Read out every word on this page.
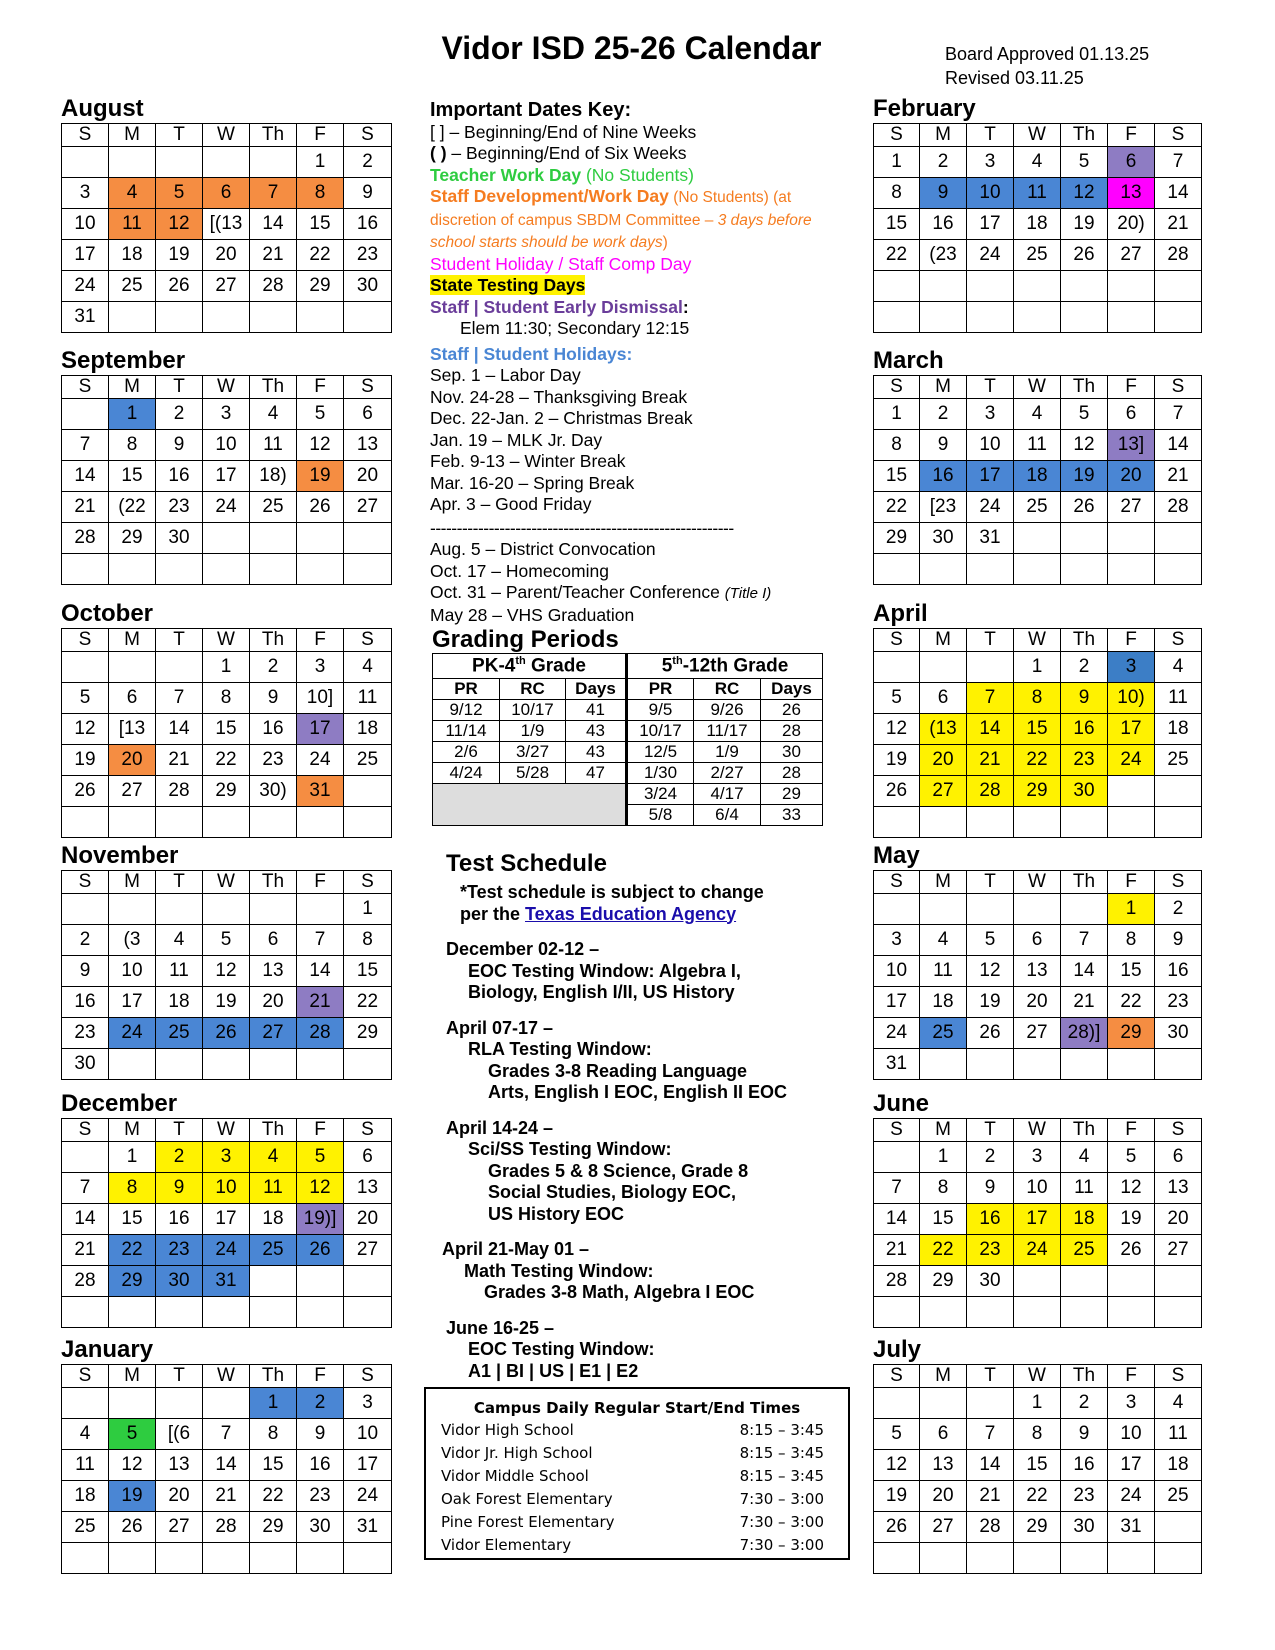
Vidor ISD 25-26 Calendar	Board Approved 01.13.25
Revised 03.11.25
August
S	M	T	W	Th	F	S
					1	2
3	4	5	6	7	8	9
10	11	12	[(13	14	15	16
17	18	19	20	21	22	23
24	25	26	27	28	29	30
31						
September
S	M	T	W	Th	F	S
	1	2	3	4	5	6
7	8	9	10	11	12	13
14	15	16	17	18)	19	20
21	(22	23	24	25	26	27
28	29	30				

October
S	M	T	W	Th	F	S
			1	2	3	4
5	6	7	8	9	10]	11
12	[13	14	15	16	17	18
19	20	21	22	23	24	25
26	27	28	29	30)	31	

November
S	M	T	W	Th	F	S
						1
2	(3	4	5	6	7	8
9	10	11	12	13	14	15
16	17	18	19	20	21	22
23	24	25	26	27	28	29
30						
December
S	M	T	W	Th	F	S
	1	2	3	4	5	6
7	8	9	10	11	12	13
14	15	16	17	18	19)]	20
21	22	23	24	25	26	27
28	29	30	31			

January
S	M	T	W	Th	F	S
				1	2	3
4	5	[(6	7	8	9	10
11	12	13	14	15	16	17
18	19	20	21	22	23	24
25	26	27	28	29	30	31

February
S	M	T	W	Th	F	S
1	2	3	4	5	6	7
8	9	10	11	12	13	14
15	16	17	18	19	20)	21
22	(23	24	25	26	27	28

March
S	M	T	W	Th	F	S
1	2	3	4	5	6	7
8	9	10	11	12	13]	14
15	16	17	18	19	20	21
22	[23	24	25	26	27	28
29	30	31				

April
S	M	T	W	Th	F	S
			1	2	3	4
5	6	7	8	9	10)	11
12	(13	14	15	16	17	18
19	20	21	22	23	24	25
26	27	28	29	30		

May
S	M	T	W	Th	F	S
					1	2
3	4	5	6	7	8	9
10	11	12	13	14	15	16
17	18	19	20	21	22	23
24	25	26	27	28)]	29	30
31						
June
S	M	T	W	Th	F	S
	1	2	3	4	5	6
7	8	9	10	11	12	13
14	15	16	17	18	19	20
21	22	23	24	25	26	27
28	29	30				

July
S	M	T	W	Th	F	S
			1	2	3	4
5	6	7	8	9	10	11
12	13	14	15	16	17	18
19	20	21	22	23	24	25
26	27	28	29	30	31	

Important Dates Key:
[ ] – Beginning/End of Nine Weeks
( ) – Beginning/End of Six Weeks
Teacher Work Day (No Students)
Staff Development/Work Day (No Students) (at discretion of campus SBDM Committee – 3 days before school starts should be work days)
Student Holiday / Staff Comp Day
State Testing Days
Staff | Student Early Dismissal:
Elem 11:30; Secondary 12:15
Staff | Student Holidays:
Sep. 1 – Labor Day
Nov. 24-28 – Thanksgiving Break
Dec. 22-Jan. 2 – Christmas Break
Jan. 19 – MLK Jr. Day
Feb. 9-13 – Winter Break
Mar. 16-20 – Spring Break
Apr. 3 – Good Friday
---------------------------------------------------------
Aug. 5 – District Convocation
Oct. 17 – Homecoming
Oct. 31 – Parent/Teacher Conference (Title I)
May 28 – VHS Graduation
Grading Periods
PK-4th Grade			5th-12th Grade		
PR	RC	Days	PR	RC	Days
9/12	10/17	41	9/5	9/26	26
11/14	1/9	43	10/17	11/17	28
2/6	3/27	43	12/5	1/9	30
4/24	5/28	47	1/30	2/27	28
			3/24	4/17	29
			5/8	6/4	33
Test Schedule
*Test schedule is subject to change
per the Texas Education Agency
December 02-12 –
EOC Testing Window: Algebra I,
Biology, English I/II, US History
April 07-17 –
RLA Testing Window:
Grades 3-8 Reading Language
Arts, English I EOC, English II EOC
April 14-24 –
Sci/SS Testing Window:
Grades 5 & 8 Science, Grade 8
Social Studies, Biology EOC,
US History EOC
April 21-May 01 –
Math Testing Window:
Grades 3-8 Math, Algebra I EOC
June 16-25 –
EOC Testing Window:
A1 | BI | US | E1 | E2
Campus Daily Regular Start/End Times
Vidor High School	8:15 – 3:45
Vidor Jr. High School	8:15 – 3:45
Vidor Middle School	8:15 – 3:45
Oak Forest Elementary	7:30 – 3:00
Pine Forest Elementary	7:30 – 3:00
Vidor Elementary	7:30 – 3:00
